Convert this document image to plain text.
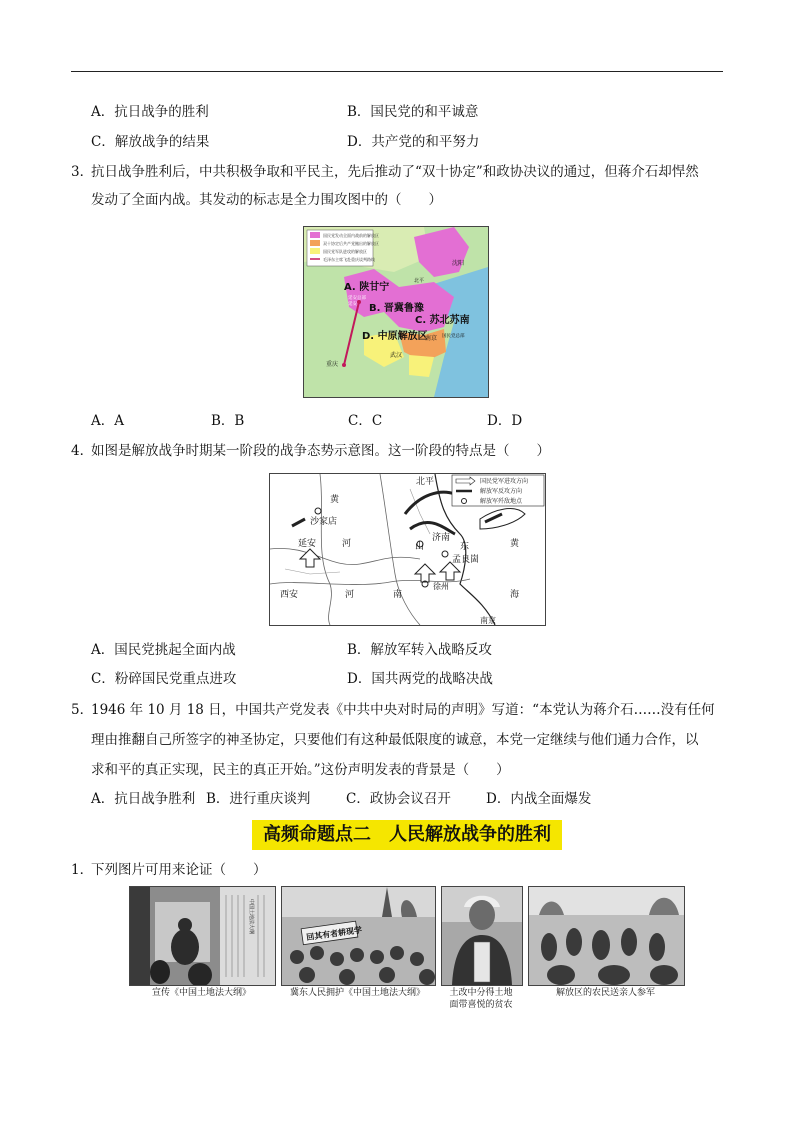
A．抗日战争的胜利	B．国民党的和平诚意
C．解放战争的结果	D．共产党的和平努力
3．
抗日战争胜利后，中共积极争取和平民主，先后推动了“双十协定”和政协决议的通过，但蒋介石却悍然
发动了全面内战。其发动的标志是全力围攻图中的（　　）
国民党发动全面内战前的解放区
双十协定后共产党撤出的解放区
国民党军队进攻的解放区
毛泽东主席飞赴重庆谈判路线
A. 陕甘宁
B. 晋冀鲁豫
C. 苏北苏南
D. 中原解放区
延安总部
延安
重庆
南京
武汉
沈阳
北平
国民党总部
A．A	B．B	C．C	D．D
4．
如图是解放战争时期某一阶段的战争态势示意图。这一阶段的特点是（　　）
国民党军进攻方向
解放军反攻方向
解放军歼敌地点
北平
黄
沙家店
延安	河
济南
山	东
孟良崮
黄
西安	河	南
徐州
海
南京
A．国民党挑起全面内战	B．解放军转入战略反攻
C．粉碎国民党重点进攻	D．国共两党的战略决战
5．
1946 年 10 月 18 日，中国共产党发表《中共中央对时局的声明》写道：“本党认为蒋介石……没有任何
理由推翻自己所签字的神圣协定，只要他们有这种最低限度的诚意，本党一定继续与他们通力合作，以
求和平的真正实现，民主的真正开始。”这份声明发表的背景是（　　）
A．抗日战争胜利 B．进行重庆谈判	C．政协会议召开	D．内战全面爆发
高频命题点二　人民解放战争的胜利
1．
下列图片可用来论证（　　）
中国土地法大纲	回其有者耕现学
宣传《中国土地法大纲》	冀东人民拥护《中国土地法大纲》	土改中分得土地
面带喜悦的贫农
解放区的农民送亲人参军
